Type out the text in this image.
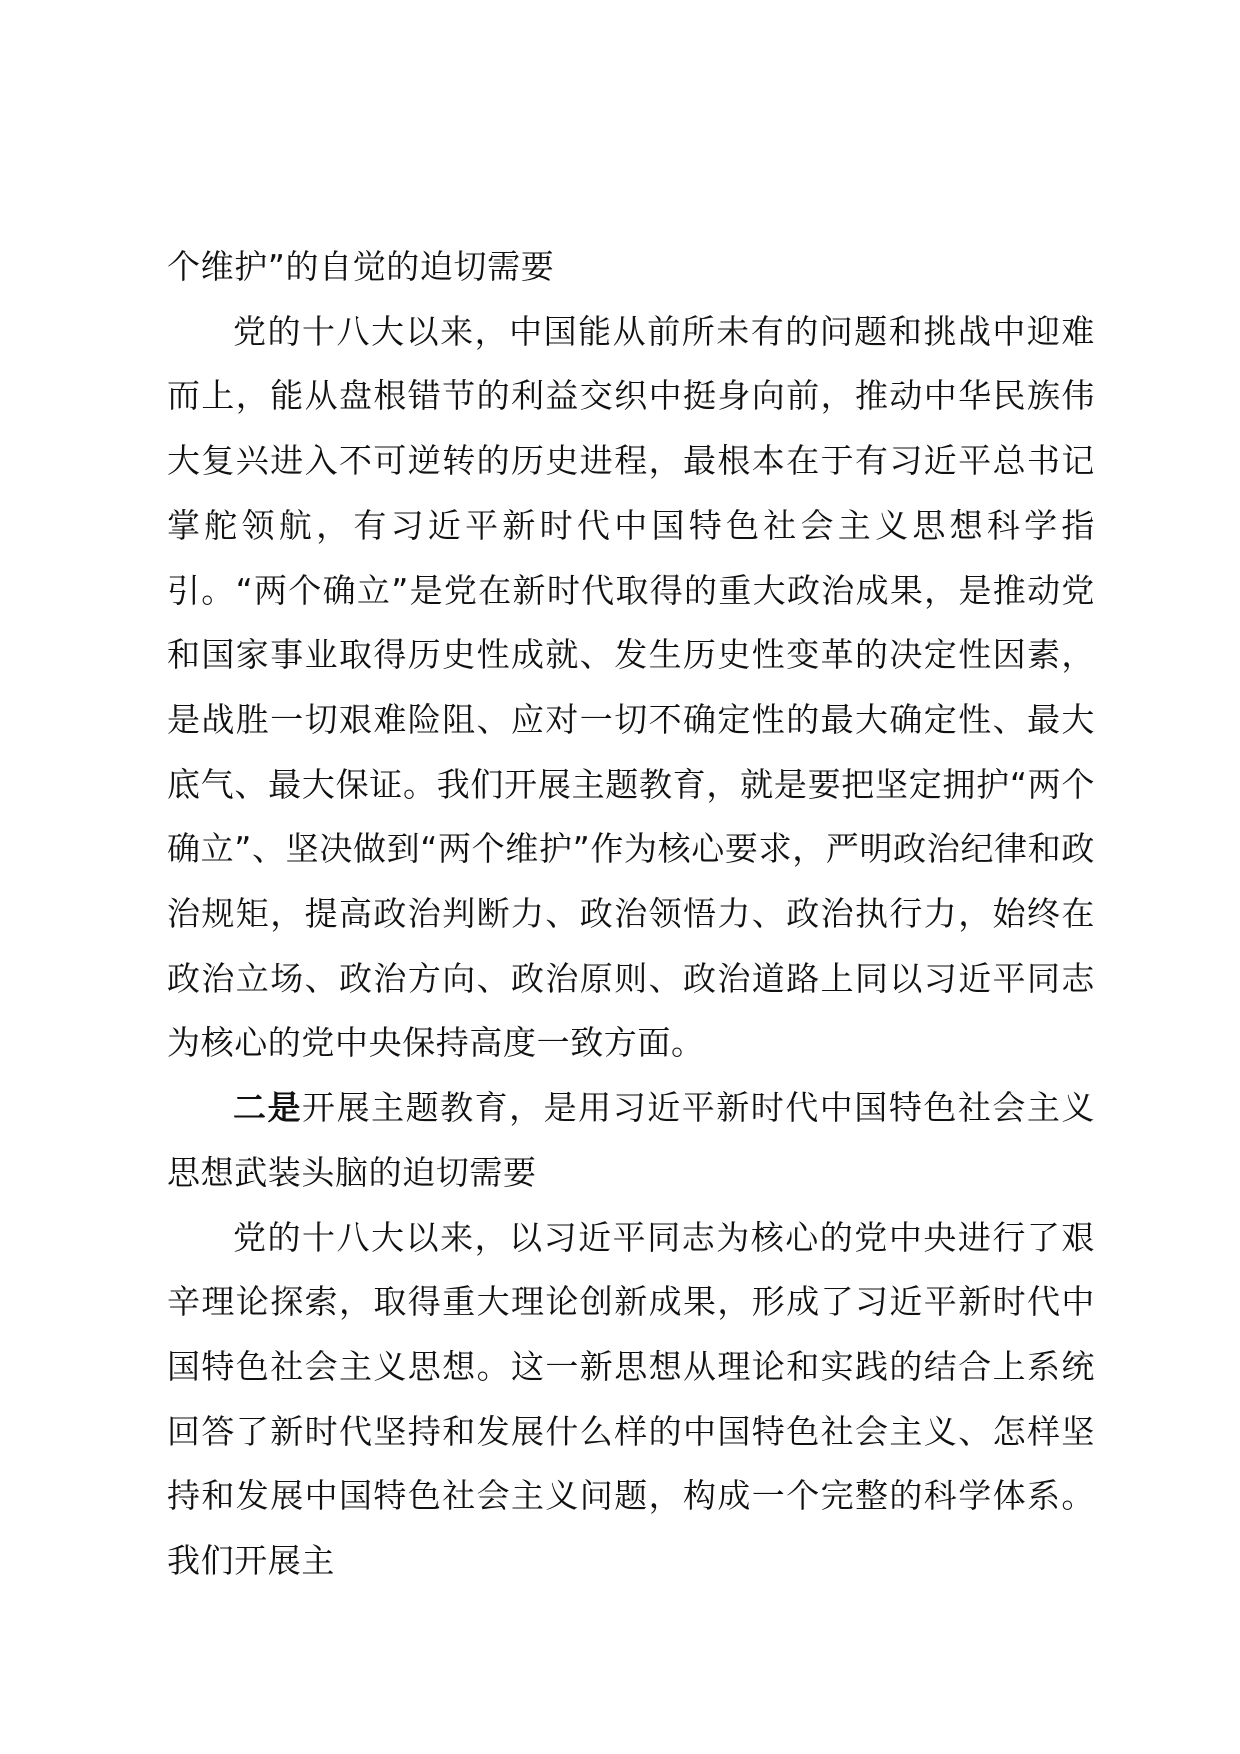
个维护”的自觉的迫切需要

党的十八大以来，中国能从前所未有的问题和挑战中迎难而上，能从盘根错节的利益交织中挺身向前，推动中华民族伟大复兴进入不可逆转的历史进程，最根本在于有习近平总书记掌舵领航，有习近平新时代中国特色社会主义思想科学指引。“两个确立”是党在新时代取得的重大政治成果，是推动党和国家事业取得历史性成就、发生历史性变革的决定性因素，是战胜一切艰难险阻、应对一切不确定性的最大确定性、最大底气、最大保证。我们开展主题教育，就是要把坚定拥护“两个确立”、坚决做到“两个维护”作为核心要求，严明政治纪律和政治规矩，提高政治判断力、政治领悟力、政治执行力，始终在政治立场、政治方向、政治原则、政治道路上同以习近平同志为核心的党中央保持高度一致方面。

二是开展主题教育，是用习近平新时代中国特色社会主义思想武装头脑的迫切需要

党的十八大以来，以习近平同志为核心的党中央进行了艰辛理论探索，取得重大理论创新成果，形成了习近平新时代中国特色社会主义思想。这一新思想从理论和实践的结合上系统回答了新时代坚持和发展什么样的中国特色社会主义、怎样坚持和发展中国特色社会主义问题，构成一个完整的科学体系。我们开展主
